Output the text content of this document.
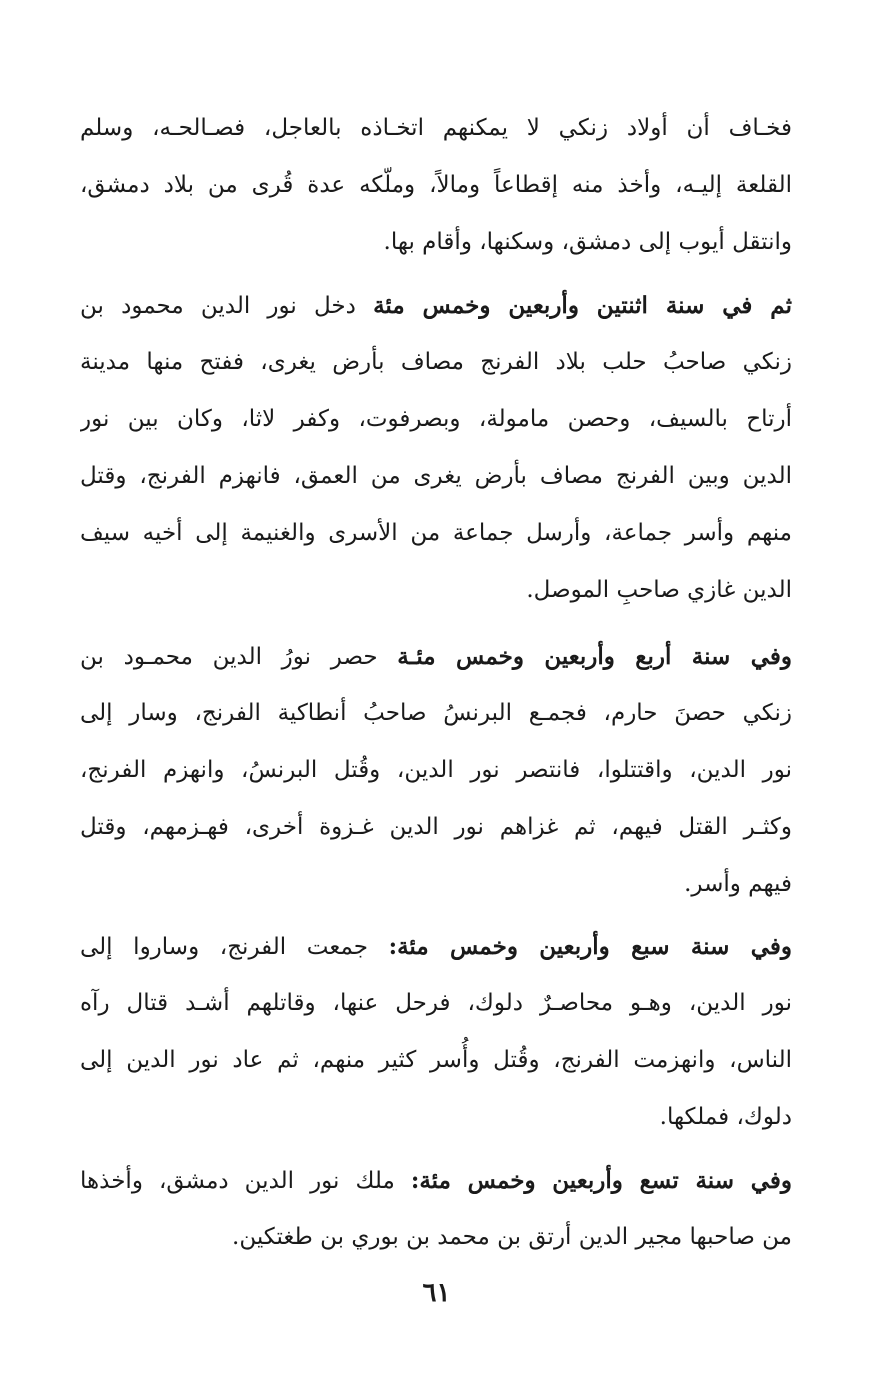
فخـاف أن أولاد زنكي لا يمكنهم اتخـاذه بالعاجل، فصـالحـه، وسلم
القلعة إليـه، وأخذ منه إقطاعاً ومالاً، وملّكه عدة قُرى من بلاد دمشق،
وانتقل أيوب إلى دمشق، وسكنها، وأقام بها.
ثم في سنة اثنتين وأربعين وخمس مئة دخل نور الدين محمود بن
زنكي صاحبُ حلب بلاد الفرنج مصاف بأرض يغرى، ففتح منها مدينة
أرتاح بالسيف، وحصن مامولة، وبصرفوت، وكفر لاثا، وكان بين نور
الدين وبين الفرنج مصاف بأرض يغرى من العمق، فانهزم الفرنج، وقتل
منهم وأسر جماعة، وأرسل جماعة من الأسرى والغنيمة إلى أخيه سيف
الدين غازي صاحبِ الموصل.
وفي سنة أربع وأربعين وخمس مئـة حصر نورُ الدين محمـود بن
زنكي حصنَ حارم، فجمـع البرنسُ صاحبُ أنطاكية الفرنج، وسار إلى
نور الدين، واقتتلوا، فانتصر نور الدين، وقُتل البرنسُ، وانهزم الفرنج،
وكثـر القتل فيهم، ثم غزاهم نور الدين غـزوة أخرى، فهـزمهم، وقتل
فيهم وأسر.
وفي سنة سبع وأربعين وخمس مئة: جمعت الفرنج، وساروا إلى
نور الدين، وهـو محاصـرٌ دلوك، فرحل عنها، وقاتلهم أشـد قتال رآه
الناس، وانهزمت الفرنج، وقُتل وأُسر كثير منهم، ثم عاد نور الدين إلى
دلوك، فملكها.
وفي سنة تسع وأربعين وخمس مئة: ملك نور الدين دمشق، وأخذها
من صاحبها مجير الدين أرتق بن محمد بن بوري بن طغتكين.
٦١
